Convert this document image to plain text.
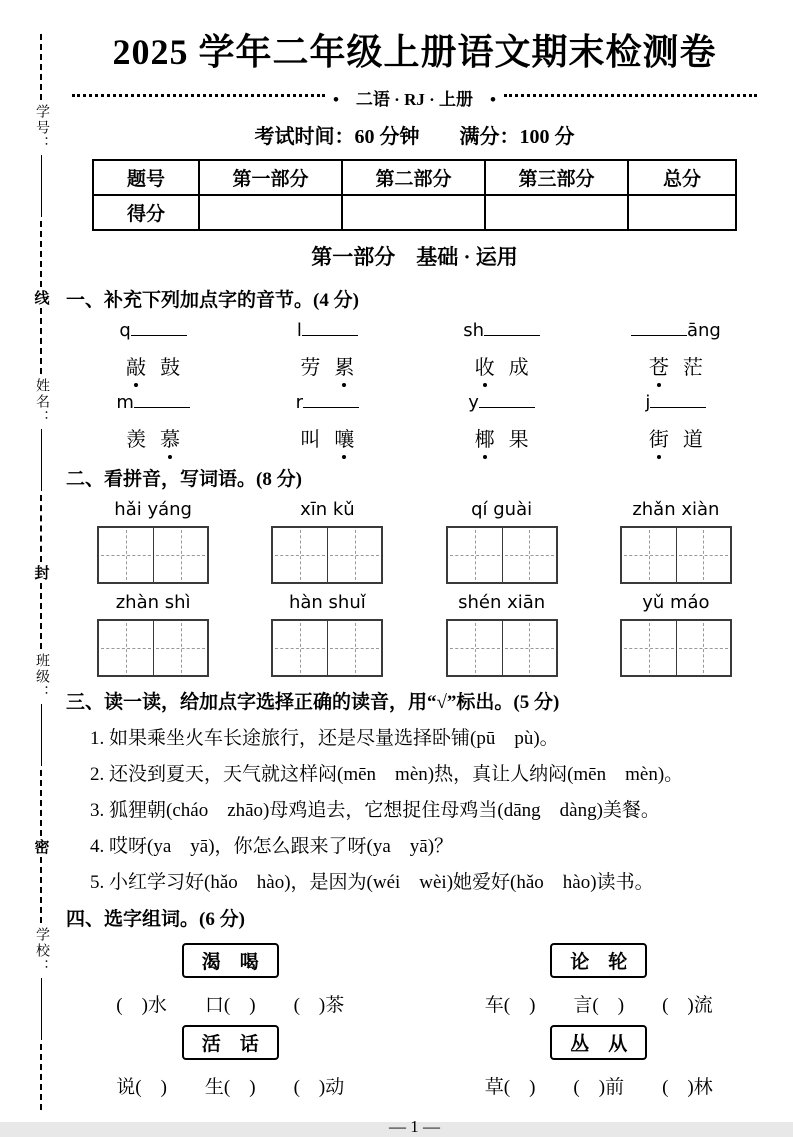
学号：
线
姓名：
封
班级：
密
学校：
2025 学年二年级上册语文期末检测卷
•　二语 · RJ · 上册　•
考试时间：60 分钟　　满分：100 分
题号	第一部分	第二部分	第三部分	总分
得分				
第一部分　基础 · 运用
一、补充下列加点字的音节。(4 分)
q	l	sh	āng
敲 鼓	劳 累	收 成	苍 茫
m	r	y	j
羡 慕	叫 嚷	椰 果	街 道
二、看拼音，写词语。(8 分)
hǎi yáng	xīn kǔ	qí guài	zhǎn xiàn
zhàn shì	hàn shuǐ	shén xiān	yǔ máo
三、读一读，给加点字选择正确的读音，用“√”标出。(5 分)
1. 如果乘坐火车长途旅行，还是尽量选择卧铺(pū　pù)。
2. 还没到夏天，天气就这样闷(mēn　mèn)热，真让人纳闷(mēn　mèn)。
3. 狐狸朝(cháo　zhāo)母鸡追去，它想捉住母鸡当(dāng　dàng)美餐。
4. 哎呀(ya　yā)，你怎么跟来了呀(ya　yā)？
5. 小红学习好(hǎo　hào)，是因为(wéi　wèi)她爱好(hǎo　hào)读书。
四、选字组词。(6 分)
渴　喝	论　轮
(　)水　　口(　)　　(　)茶	车(　)　　言(　)　　(　)流
活　话	丛　从
说(　)　　生(　)　　(　)动	草(　)　　(　)前　　(　)林
— 1 —
